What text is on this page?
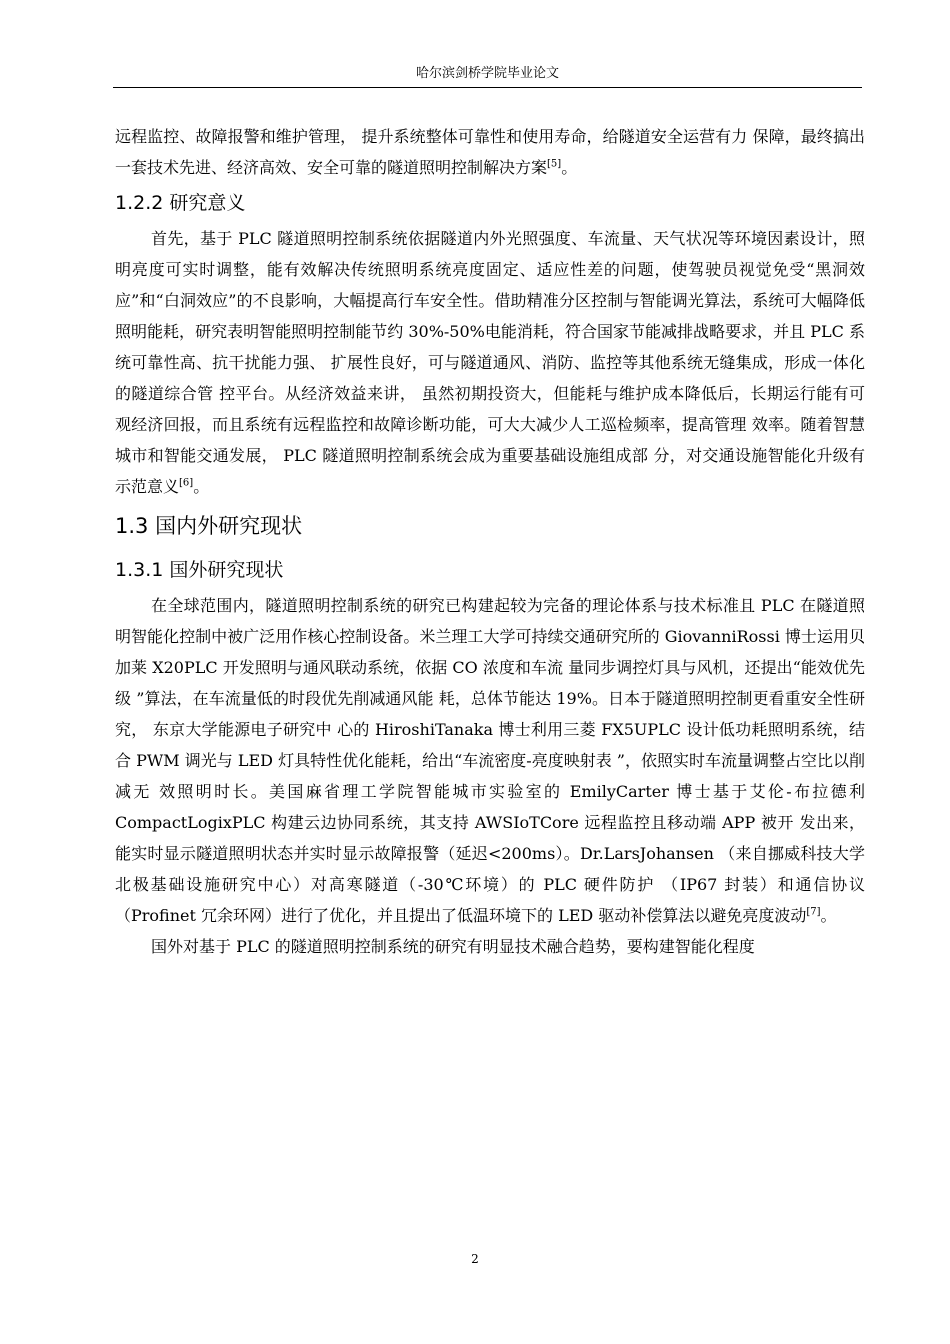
哈尔滨剑桥学院毕业论文

远程监控、故障报警和维护管理， 提升系统整体可靠性和使用寿命，给隧道安全运营有力 保障，最终搞出一套技术先进、经济高效、安全可靠的隧道照明控制解决方案[5]。

1.2.2 研究意义

首先，基于 PLC 隧道照明控制系统依据隧道内外光照强度、车流量、天气状况等环境因素设计，照明亮度可实时调整，能有效解决传统照明系统亮度固定、适应性差的问题，使驾驶员视觉免受“黑洞效应”和“白洞效应”的不良影响，大幅提高行车安全性。借助精准分区控制与智能调光算法，系统可大幅降低照明能耗，研究表明智能照明控制能节约 30%-50%电能消耗，符合国家节能减排战略要求，并且 PLC 系统可靠性高、抗干扰能力强、 扩展性良好，可与隧道通风、消防、监控等其他系统无缝集成，形成一体化的隧道综合管 控平台。从经济效益来讲， 虽然初期投资大，但能耗与维护成本降低后，长期运行能有可 观经济回报，而且系统有远程监控和故障诊断功能，可大大减少人工巡检频率，提高管理 效率。随着智慧城市和智能交通发展， PLC 隧道照明控制系统会成为重要基础设施组成部 分，对交通设施智能化升级有示范意义[6]。

1.3 国内外研究现状
1.3.1 国外研究现状

在全球范围内，隧道照明控制系统的研究已构建起较为完备的理论体系与技术标准且 PLC 在隧道照明智能化控制中被广泛用作核心控制设备。米兰理工大学可持续交通研究所的 GiovanniRossi 博士运用贝加莱 X20PLC 开发照明与通风联动系统，依据 CO 浓度和车流 量同步调控灯具与风机，还提出“能效优先级 ”算法，在车流量低的时段优先削减通风能 耗，总体节能达 19%。日本于隧道照明控制更看重安全性研究， 东京大学能源电子研究中 心的 HiroshiTanaka 博士利用三菱 FX5UPLC 设计低功耗照明系统，结合 PWM 调光与 LED 灯具特性优化能耗，给出“车流密度-亮度映射表 ”，依照实时车流量调整占空比以削减无 效照明时长。美国麻省理工学院智能城市实验室的 EmilyCarter 博士基于艾伦-布拉德利 CompactLogixPLC 构建云边协同系统，其支持 AWSIoTCore 远程监控且移动端 APP 被开 发出来，能实时显示隧道照明状态并实时显示故障报警（延迟<200ms）。Dr.LarsJohansen （来自挪威科技大学北极基础设施研究中心）对高寒隧道（-30℃环境）的 PLC 硬件防护 （IP67 封装）和通信协议（Profinet 冗余环网）进行了优化，并且提出了低温环境下的 LED 驱动补偿算法以避免亮度波动[7]。

国外对基于 PLC 的隧道照明控制系统的研究有明显技术融合趋势，要构建智能化程度

2
